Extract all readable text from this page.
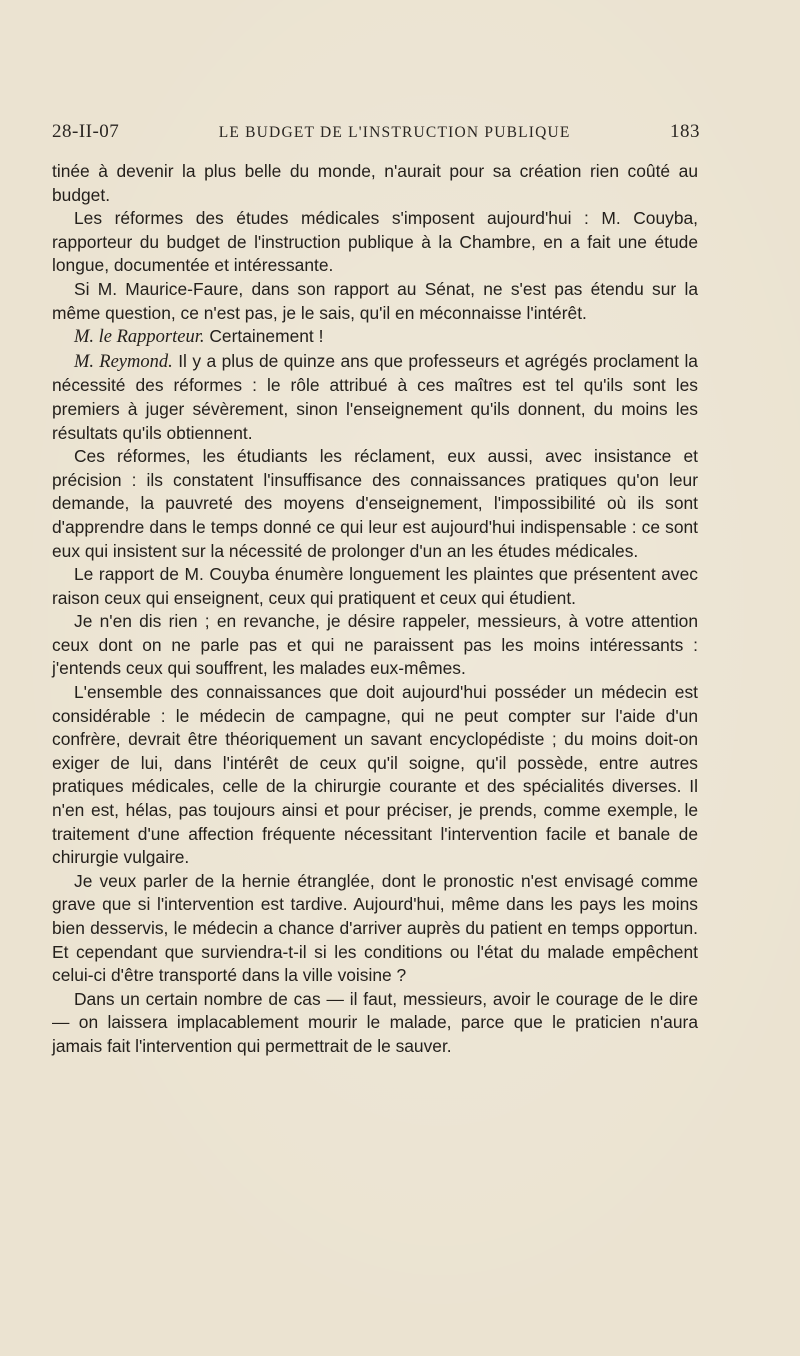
28-II-07	LE BUDGET DE L'INSTRUCTION PUBLIQUE	183

tinée à devenir la plus belle du monde, n'aurait pour sa création rien coûté au budget.

Les réformes des études médicales s'imposent aujourd'hui : M. Couyba, rapporteur du budget de l'instruction publique à la Chambre, en a fait une étude longue, documentée et intéressante.

Si M. Maurice-Faure, dans son rapport au Sénat, ne s'est pas étendu sur la même question, ce n'est pas, je le sais, qu'il en méconnaisse l'intérêt.

M. le Rapporteur. Certainement !

M. Reymond. Il y a plus de quinze ans que professeurs et agrégés proclament la nécessité des réformes : le rôle attribué à ces maîtres est tel qu'ils sont les premiers à juger sévèrement, sinon l'enseignement qu'ils donnent, du moins les résultats qu'ils obtiennent.

Ces réformes, les étudiants les réclament, eux aussi, avec insistance et précision : ils constatent l'insuffisance des connaissances pratiques qu'on leur demande, la pauvreté des moyens d'enseignement, l'impossibilité où ils sont d'apprendre dans le temps donné ce qui leur est aujourd'hui indispensable : ce sont eux qui insistent sur la nécessité de prolonger d'un an les études médicales.

Le rapport de M. Couyba énumère longuement les plaintes que présentent avec raison ceux qui enseignent, ceux qui pratiquent et ceux qui étudient.

Je n'en dis rien ; en revanche, je désire rappeler, messieurs, à votre attention ceux dont on ne parle pas et qui ne paraissent pas les moins intéressants : j'entends ceux qui souffrent, les malades eux-mêmes.

L'ensemble des connaissances que doit aujourd'hui posséder un médecin est considérable : le médecin de campagne, qui ne peut compter sur l'aide d'un confrère, devrait être théoriquement un savant encyclopédiste ; du moins doit-on exiger de lui, dans l'intérêt de ceux qu'il soigne, qu'il possède, entre autres pratiques médicales, celle de la chirurgie courante et des spécialités diverses. Il n'en est, hélas, pas toujours ainsi et pour préciser, je prends, comme exemple, le traitement d'une affection fréquente nécessitant l'intervention facile et banale de chirurgie vulgaire.

Je veux parler de la hernie étranglée, dont le pronostic n'est envisagé comme grave que si l'intervention est tardive. Aujourd'hui, même dans les pays les moins bien desservis, le médecin a chance d'arriver auprès du patient en temps opportun. Et cependant que surviendra-t-il si les conditions ou l'état du malade empêchent celui-ci d'être transporté dans la ville voisine ?

Dans un certain nombre de cas — il faut, messieurs, avoir le courage de le dire — on laissera implacablement mourir le malade, parce que le praticien n'aura jamais fait l'intervention qui permettrait de le sauver.
